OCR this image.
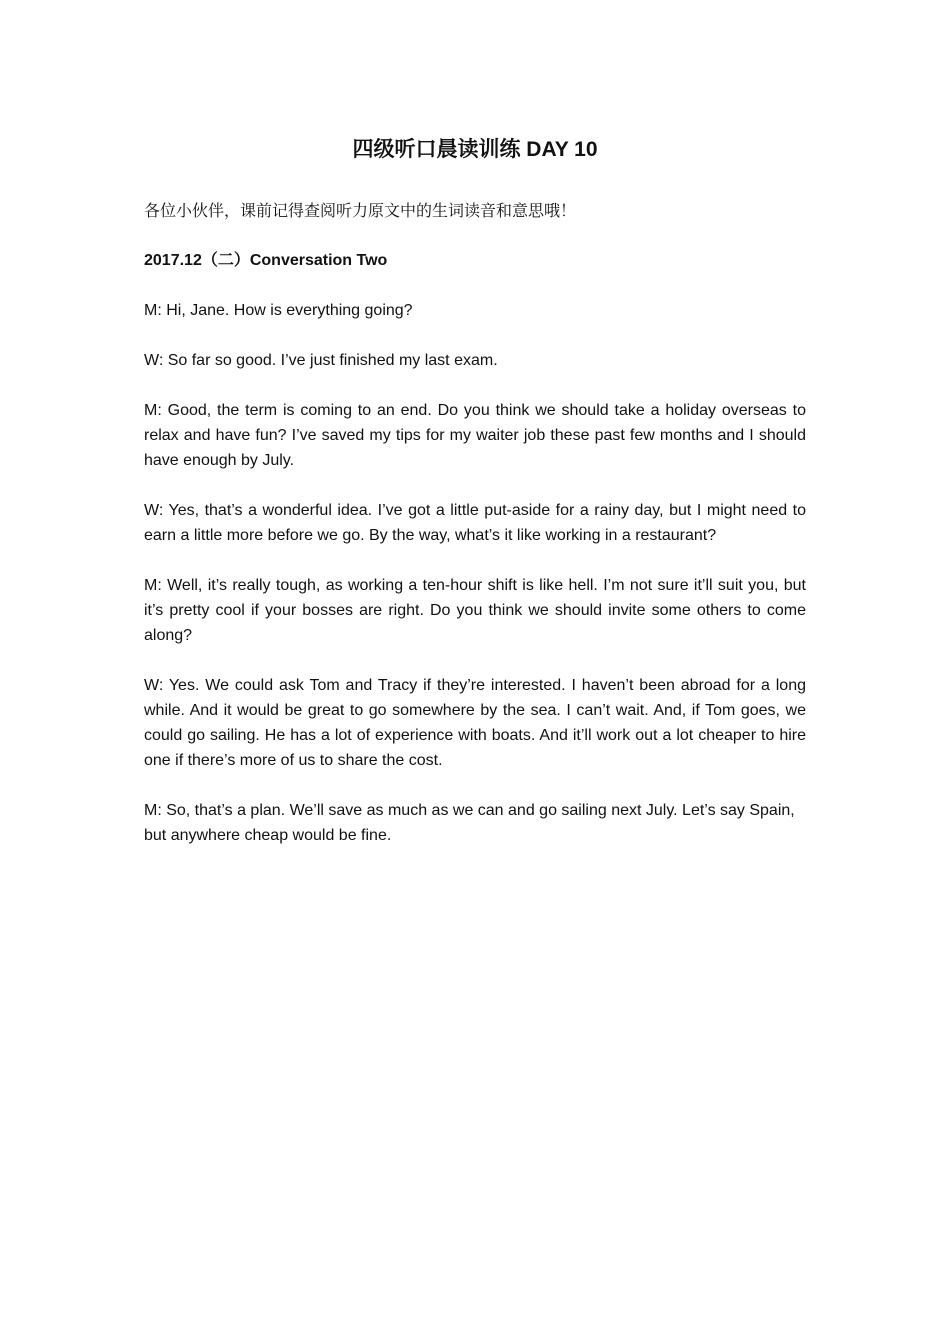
四级听口晨读训练 DAY 10

各位小伙伴，课前记得查阅听力原文中的生词读音和意思哦！

2017.12（二）Conversation Two

M: Hi, Jane. How is everything going?

W: So far so good. I’ve just finished my last exam.

M: Good, the term is coming to an end. Do you think we should take a holiday overseas to relax and have fun? I’ve saved my tips for my waiter job these past few months and I should have enough by July.

W: Yes, that’s a wonderful idea. I’ve got a little put-aside for a rainy day, but I might need to earn a little more before we go. By the way, what’s it like working in a restaurant?

M: Well, it’s really tough, as working a ten-hour shift is like hell. I’m not sure it’ll suit you, but it’s pretty cool if your bosses are right. Do you think we should invite some others to come along?

W: Yes. We could ask Tom and Tracy if they’re interested. I haven’t been abroad for a long while. And it would be great to go somewhere by the sea. I can’t wait. And, if Tom goes, we could go sailing. He has a lot of experience with boats. And it’ll work out a lot cheaper to hire one if there’s more of us to share the cost.

M: So, that’s a plan. We’ll save as much as we can and go sailing next July. Let’s say Spain, but anywhere cheap would be fine.
